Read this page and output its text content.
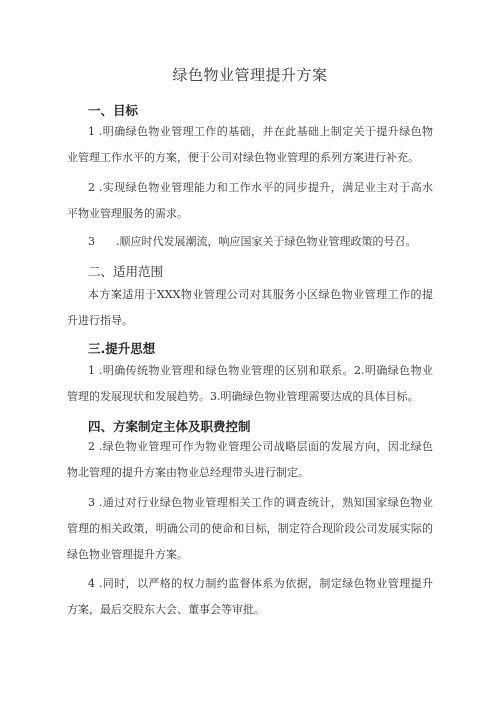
绿色物业管理提升方案
一、目标
1 .明确绿色物业管理工作的基础，并在此基础上制定关于提升绿色物
业管理工作水平的方案，便于公司对绿色物业管理的系列方案进行补充。
2 .实现绿色物业管理能力和工作水平的同步提升，满足业主对于高水
平物业管理服务的需求。
3      .顺应时代发展潮流，响应国家关于绿色物业管理政策的号召。
二、适用范围
本方案适用于XXX物业管理公司对其服务小区绿色物业管理工作的提
升进行指导。
三.提升思想
1 .明确传统物业管理和绿色物业管理的区别和联系。2.明确绿色物业
管理的发展现状和发展趋势。3.明确绿色物业管理需要达成的具体目标。
四、方案制定主体及职费控制
2 .绿色物业管理可作为物业管理公司战略层面的发展方向，因北绿色
物北管理的提升方案由物业总经理带头进行制定。
3 .通过对行业绿色物业管理相关工作的调查统计，熟知国家绿色物业
管理的相关政策，明确公司的使命和目标，制定符合现阶段公司发展实际的
绿色物业管理提升方案。
4 .同时，以严格的权力制约监督体系为依据，制定绿色物业管理提升
方案，最后交股东大会、董事会等审批。
